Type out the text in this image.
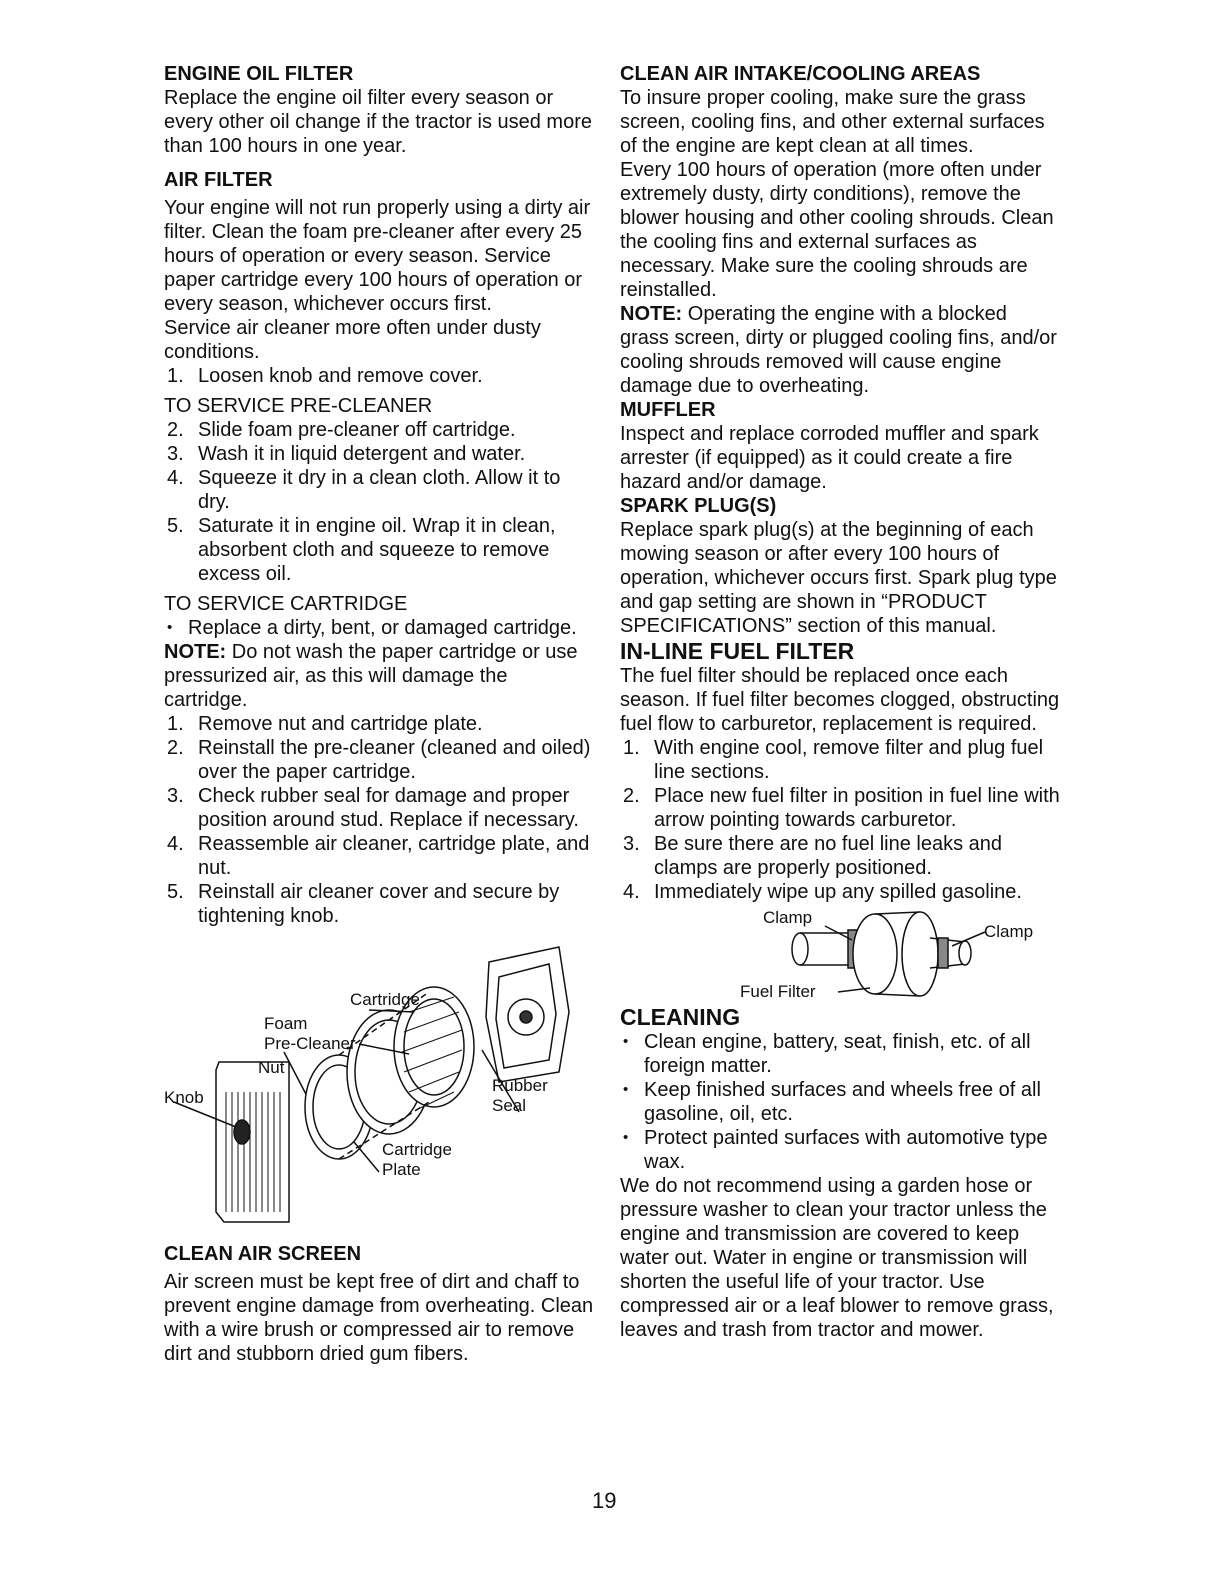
ENGINE OIL FILTER

Replace the engine oil filter every season or every other oil change if the tractor is used more than 100 hours in one year.

AIR FILTER

Your engine will not run properly using a dirty air filter. Clean the foam pre-cleaner after every 25 hours of operation or every season. Service paper cartridge every 100 hours of operation or every season, whichever occurs first.

Service air cleaner more often under dusty conditions.

1. Loosen knob and remove cover.

TO SERVICE PRE-CLEANER

2. Slide foam pre-cleaner off cartridge.
3. Wash it in liquid detergent and water.
4. Squeeze it dry in a clean cloth. Allow it to dry.
5. Saturate it in engine oil. Wrap it in clean, absorbent cloth and squeeze to remove excess oil.

TO SERVICE CARTRIDGE

• Replace a dirty, bent, or damaged cartridge.

NOTE: Do not wash the paper cartridge or use pressurized air, as this will damage the cartridge.

1. Remove nut and cartridge plate.
2. Reinstall the pre-cleaner (cleaned and oiled) over the paper cartridge.
3. Check rubber seal for damage and proper position around stud. Replace if necessary.
4. Reassemble air cleaner, cartridge plate, and nut.
5. Reinstall air cleaner cover and secure by tightening knob.
Cartridge
Foam
Pre-Cleaner
Nut
Knob
Rubber
Seal
Cartridge
Plate

CLEAN AIR SCREEN

Air screen must be kept free of dirt and chaff to prevent engine damage from overheating. Clean with a wire brush or compressed air to remove dirt and stubborn dried gum fibers.

CLEAN AIR INTAKE/COOLING AREAS

To insure proper cooling, make sure the grass screen, cooling fins, and other external surfaces of the engine are kept clean at all times.

Every 100 hours of operation (more often under extremely dusty, dirty conditions), remove the blower housing and other cooling shrouds. Clean the cooling fins and external surfaces as necessary. Make sure the cooling shrouds are reinstalled.

NOTE: Operating the engine with a blocked grass screen, dirty or plugged cooling fins, and/or cooling shrouds removed will cause engine damage due to overheating.

MUFFLER

Inspect and replace corroded muffler and spark arrester (if equipped) as it could create a fire hazard and/or damage.

SPARK PLUG(S)

Replace spark plug(s) at the beginning of each mowing season or after every 100 hours of operation, whichever occurs first. Spark plug type and gap setting are shown in “PRODUCT SPECIFICATIONS” section of this manual.

IN-LINE FUEL FILTER

The fuel filter should be replaced once each season. If fuel filter becomes clogged, obstructing fuel flow to carburetor, replacement is required.

1. With engine cool, remove filter and plug fuel line sections.
2. Place new fuel filter in position in fuel line with arrow pointing towards carburetor.
3. Be sure there are no fuel line leaks and clamps are properly positioned.
4. Immediately wipe up any spilled gasoline.
Clamp
Clamp
Fuel Filter

CLEANING

• Clean engine, battery, seat, finish, etc. of all foreign matter.
• Keep finished surfaces and wheels free of all gasoline, oil, etc.
• Protect painted surfaces with automotive type wax.

We do not recommend using a garden hose or pressure washer to clean your tractor unless the engine and transmission are covered to keep water out. Water in engine or transmission will shorten the useful life of your tractor. Use compressed air or a leaf blower to remove grass, leaves and trash from tractor and mower.

19
